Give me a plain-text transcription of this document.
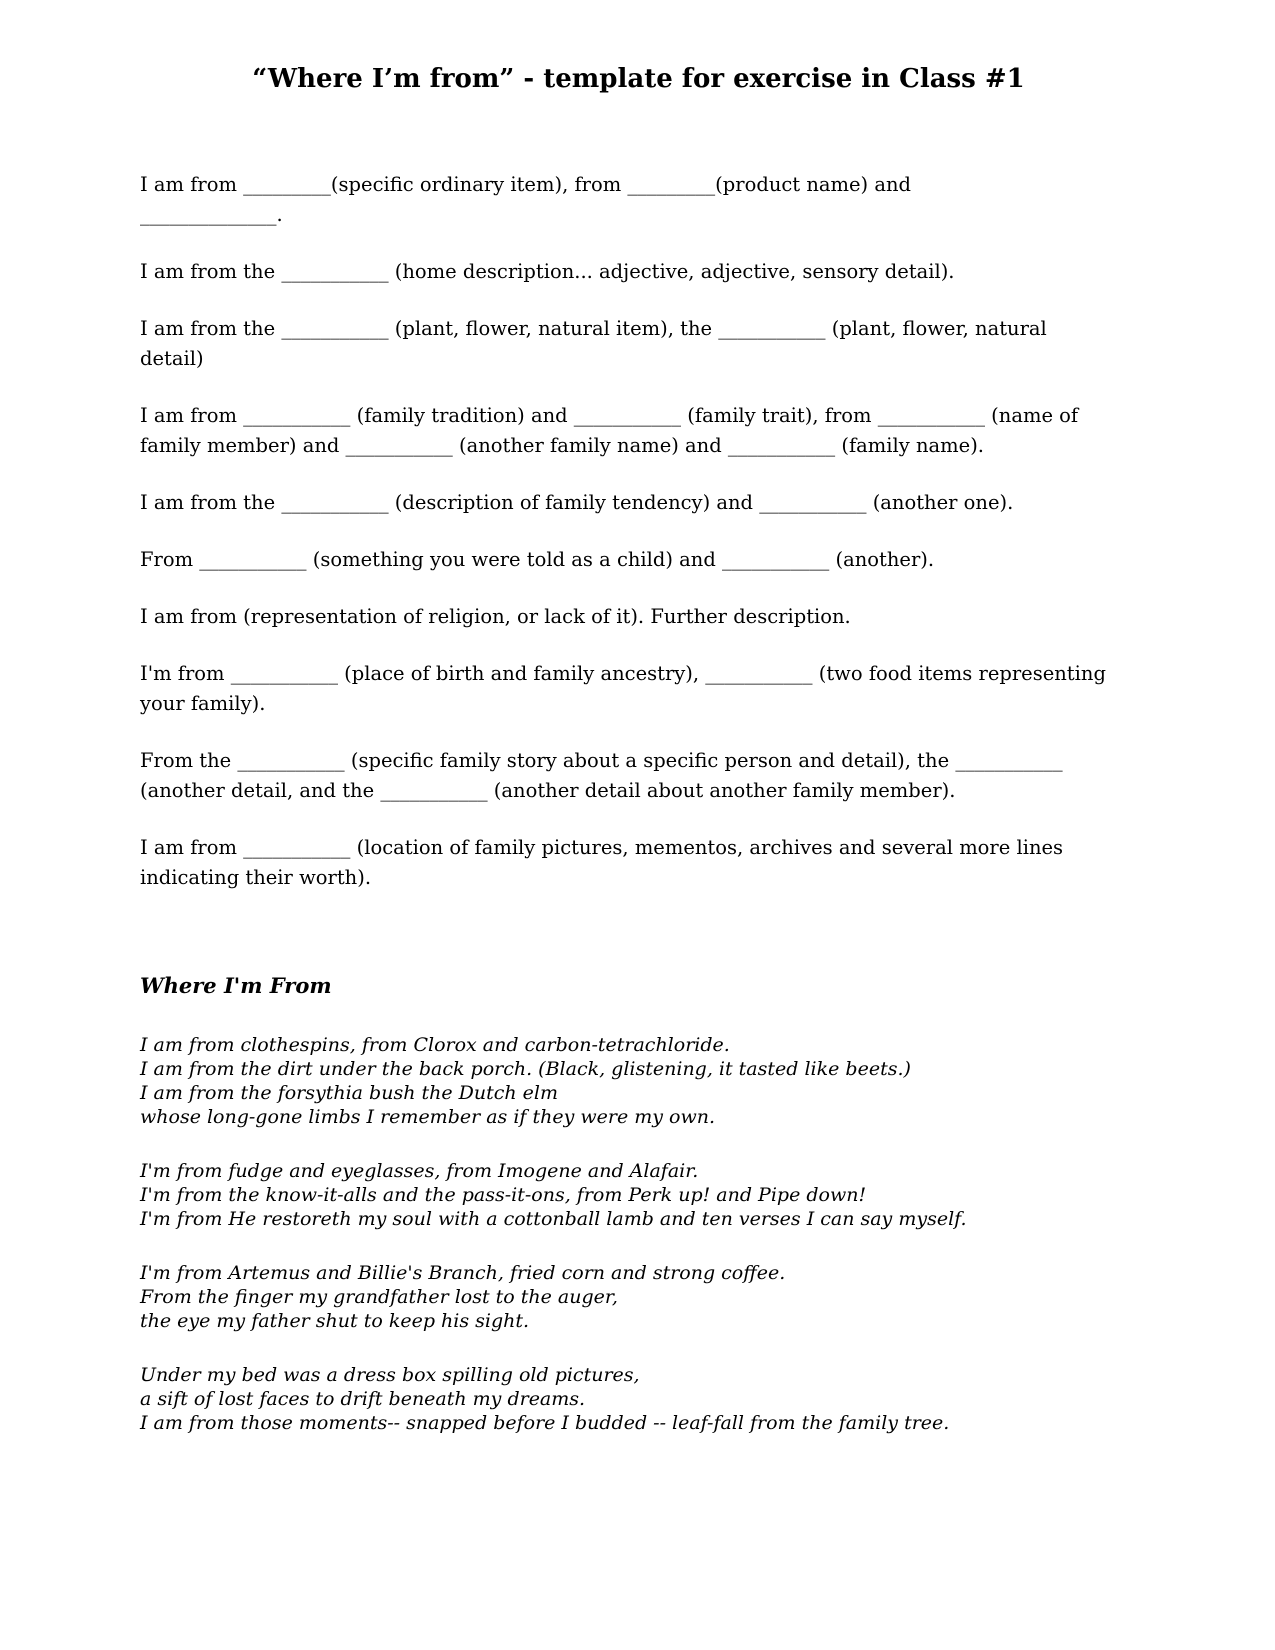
“Where I’m from” - template for exercise in Class #1

I am from _________(specific ordinary item), from _________(product name) and
______________.

I am from the ___________ (home description... adjective, adjective, sensory detail).

I am from the ___________ (plant, flower, natural item), the ___________ (plant, flower, natural
detail)

I am from ___________ (family tradition) and ___________ (family trait), from ___________ (name of
family member) and ___________ (another family name) and ___________ (family name).

I am from the ___________ (description of family tendency) and ___________ (another one).

From ___________ (something you were told as a child) and ___________ (another).

I am from (representation of religion, or lack of it). Further description.

I'm from ___________ (place of birth and family ancestry), ___________ (two food items representing
your family).

From the ___________ (specific family story about a specific person and detail), the ___________
(another detail, and the ___________ (another detail about another family member).

I am from ___________ (location of family pictures, mementos, archives and several more lines
indicating their worth).

Where I'm From
I am from clothespins, from Clorox and carbon-tetrachloride.
I am from the dirt under the back porch. (Black, glistening, it tasted like beets.)
I am from the forsythia bush the Dutch elm
whose long-gone limbs I remember as if they were my own.
I'm from fudge and eyeglasses, from Imogene and Alafair.
I'm from the know-it-alls and the pass-it-ons, from Perk up! and Pipe down!
I'm from He restoreth my soul with a cottonball lamb and ten verses I can say myself.
I'm from Artemus and Billie's Branch, fried corn and strong coffee.
From the finger my grandfather lost to the auger,
the eye my father shut to keep his sight.
Under my bed was a dress box spilling old pictures,
a sift of lost faces to drift beneath my dreams.
I am from those moments-- snapped before I budded -- leaf-fall from the family tree.
